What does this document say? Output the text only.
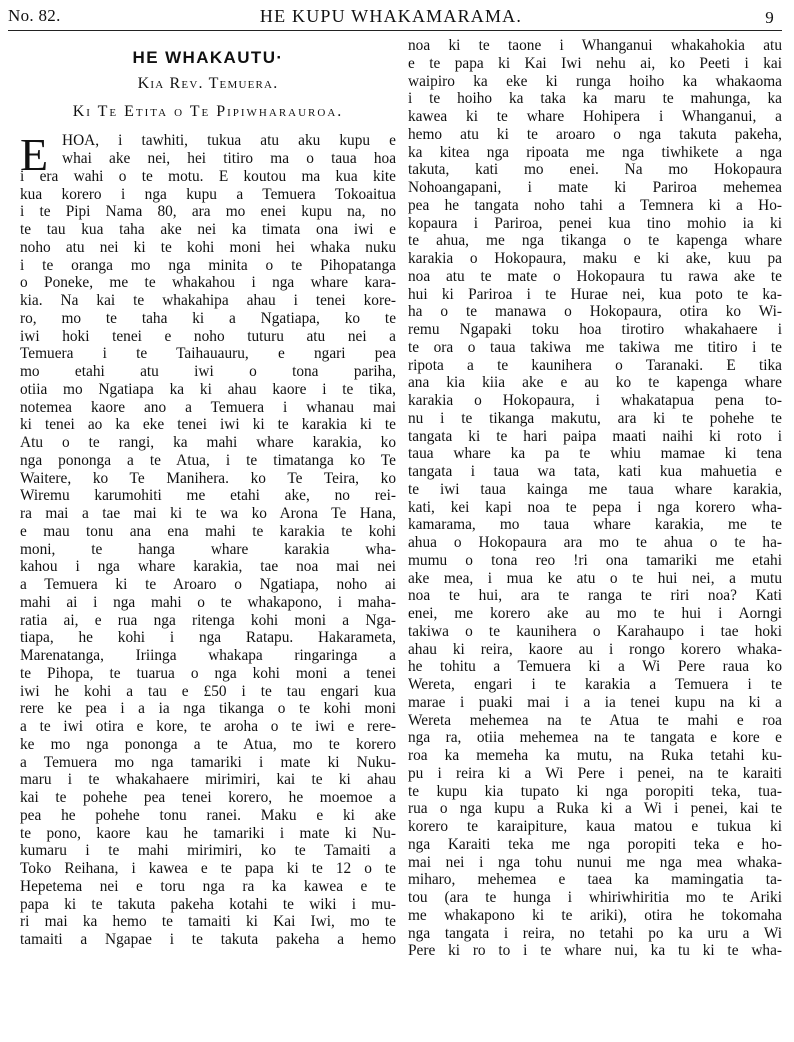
No. 82.	HE KUPU WHAKAMARAMA.	9
HE WHAKAUTU·
Kia Rev. Temuera.
Ki Te Etita o Te Pipiwharauroa.
E HOA, i tawhiti, tukua atu aku kupu e
whai ake nei, hei titiro ma o taua hoa
i era wahi o te motu. E koutou ma kua kite
kua korero i nga kupu a Temuera Tokoaitua
i te Pipi Nama 80, ara mo enei kupu na, no
te tau kua taha ake nei ka timata ona iwi e
noho atu nei ki te kohi moni hei whaka nuku
i te oranga mo nga minita o te Pihopatanga
o Poneke, me te whakahou i nga whare kara-
kia. Na kai te whakahipa ahau i tenei kore-
ro, mo te taha ki a Ngatiapa, ko te
iwi hoki tenei e noho tuturu atu nei a
Temuera i te Taihauauru, e ngari pea
mo etahi atu iwi o tona pariha,
otiia mo Ngatiapa ka ki ahau kaore i te tika,
notemea kaore ano a Temuera i whanau mai
ki tenei ao ka eke tenei iwi ki te karakia ki te
Atu o te rangi, ka mahi whare karakia, ko
nga pononga a te Atua, i te timatanga ko Te
Waitere, ko Te Manihera. ko Te Teira, ko
Wiremu karumohiti me etahi ake, no rei-
ra mai a tae mai ki te wa ko Arona Te Hana,
e mau tonu ana ena mahi te karakia te kohi
moni, te hanga whare karakia wha-
kahou i nga whare karakia, tae noa mai nei
a Temuera ki te Aroaro o Ngatiapa, noho ai
mahi ai i nga mahi o te whakapono, i maha-
ratia ai, e rua nga ritenga kohi moni a Nga-
tiapa, he kohi i nga Ratapu. Hakarameta,
Marenatanga, Iriinga whakapa ringaringa a
te Pihopa, te tuarua o nga kohi moni a tenei
iwi he kohi a tau e £50 i te tau engari kua
rere ke pea i a ia nga tikanga o te kohi moni
a te iwi otira e kore, te aroha o te iwi e rere-
ke mo nga pononga a te Atua, mo te korero
a Temuera mo nga tamariki i mate ki Nuku-
maru i te whakahaere mirimiri, kai te ki ahau
kai te pohehe pea tenei korero, he moemoe a
pea he pohehe tonu ranei. Maku e ki ake
te pono, kaore kau he tamariki i mate ki Nu-
kumaru i te mahi mirimiri, ko te Tamaiti a
Toko Reihana, i kawea e te papa ki te 12 o te
Hepetema nei e toru nga ra ka kawea e te
papa ki te takuta pakeha kotahi te wiki i mu-
ri mai ka hemo te tamaiti ki Kai Iwi, mo te
tamaiti a Ngapae i te takuta pakeha a hemo
noa ki te taone i Whanganui whakahokia atu
e te papa ki Kai Iwi nehu ai, ko Peeti i kai
waipiro ka eke ki runga hoiho ka whakaoma
i te hoiho ka taka ka maru te mahunga, ka
kawea ki te whare Hohipera i Whanganui, a
hemo atu ki te aroaro o nga takuta pakeha,
ka kitea nga ripoata me nga tiwhikete a nga
takuta, kati mo enei. Na mo Hokopaura
Nohoangapani, i mate ki Pariroa mehemea
pea he tangata noho tahi a Temnera ki a Ho-
kopaura i Pariroa, penei kua tino mohio ia ki
te ahua, me nga tikanga o te kapenga whare
karakia o Hokopaura, maku e ki ake, kuu pa
noa atu te mate o Hokopaura tu rawa ake te
hui ki Pariroa i te Hurae nei, kua poto te ka-
ha o te manawa o Hokopaura, otira ko Wi-
remu Ngapaki toku hoa tirotiro whakahaere i
te ora o taua takiwa me takiwa me titiro i te
ripota a te kaunihera o Taranaki. E tika
ana kia kiia ake e au ko te kapenga whare
karakia o Hokopaura, i whakatapua pena to-
nu i te tikanga makutu, ara ki te pohehe te
tangata ki te hari paipa maati naihi ki roto i
taua whare ka pa te whiu mamae ki tena
tangata i taua wa tata, kati kua mahuetia e
te iwi taua kainga me taua whare karakia,
kati, kei kapi noa te pepa i nga korero wha-
kamarama, mo taua whare karakia, me te
ahua o Hokopaura ara mo te ahua o te ha-
mumu o tona reo !ri ona tamariki me etahi
ake mea, i mua ke atu o te hui nei, a mutu
noa te hui, ara te ranga te riri noa? Kati
enei, me korero ake au mo te hui i Aorngi
takiwa o te kaunihera o Karahaupo i tae hoki
ahau ki reira, kaore au i rongo korero whaka-
he tohitu a Temuera ki a Wi Pere raua ko
Wereta, engari i te karakia a Temuera i te
marae i puaki mai i a ia tenei kupu na ki a
Wereta mehemea na te Atua te mahi e roa
nga ra, otiia mehemea na te tangata e kore e
roa ka memeha ka mutu, na Ruka tetahi ku-
pu i reira ki a Wi Pere i penei, na te karaiti
te kupu kia tupato ki nga poropiti teka, tua-
rua o nga kupu a Ruka ki a Wi i penei, kai te
korero te karaipiture, kaua matou e tukua ki
nga Karaiti teka me nga poropiti teka e ho-
mai nei i nga tohu nunui me nga mea whaka-
miharo, mehemea e taea ka mamingatia ta-
tou (ara te hunga i whiriwhiritia mo te Ariki
me whakapono ki te ariki), otira he tokomaha
nga tangata i reira, no tetahi po ka uru a Wi
Pere ki ro to i te whare nui, ka tu ki te wha-
